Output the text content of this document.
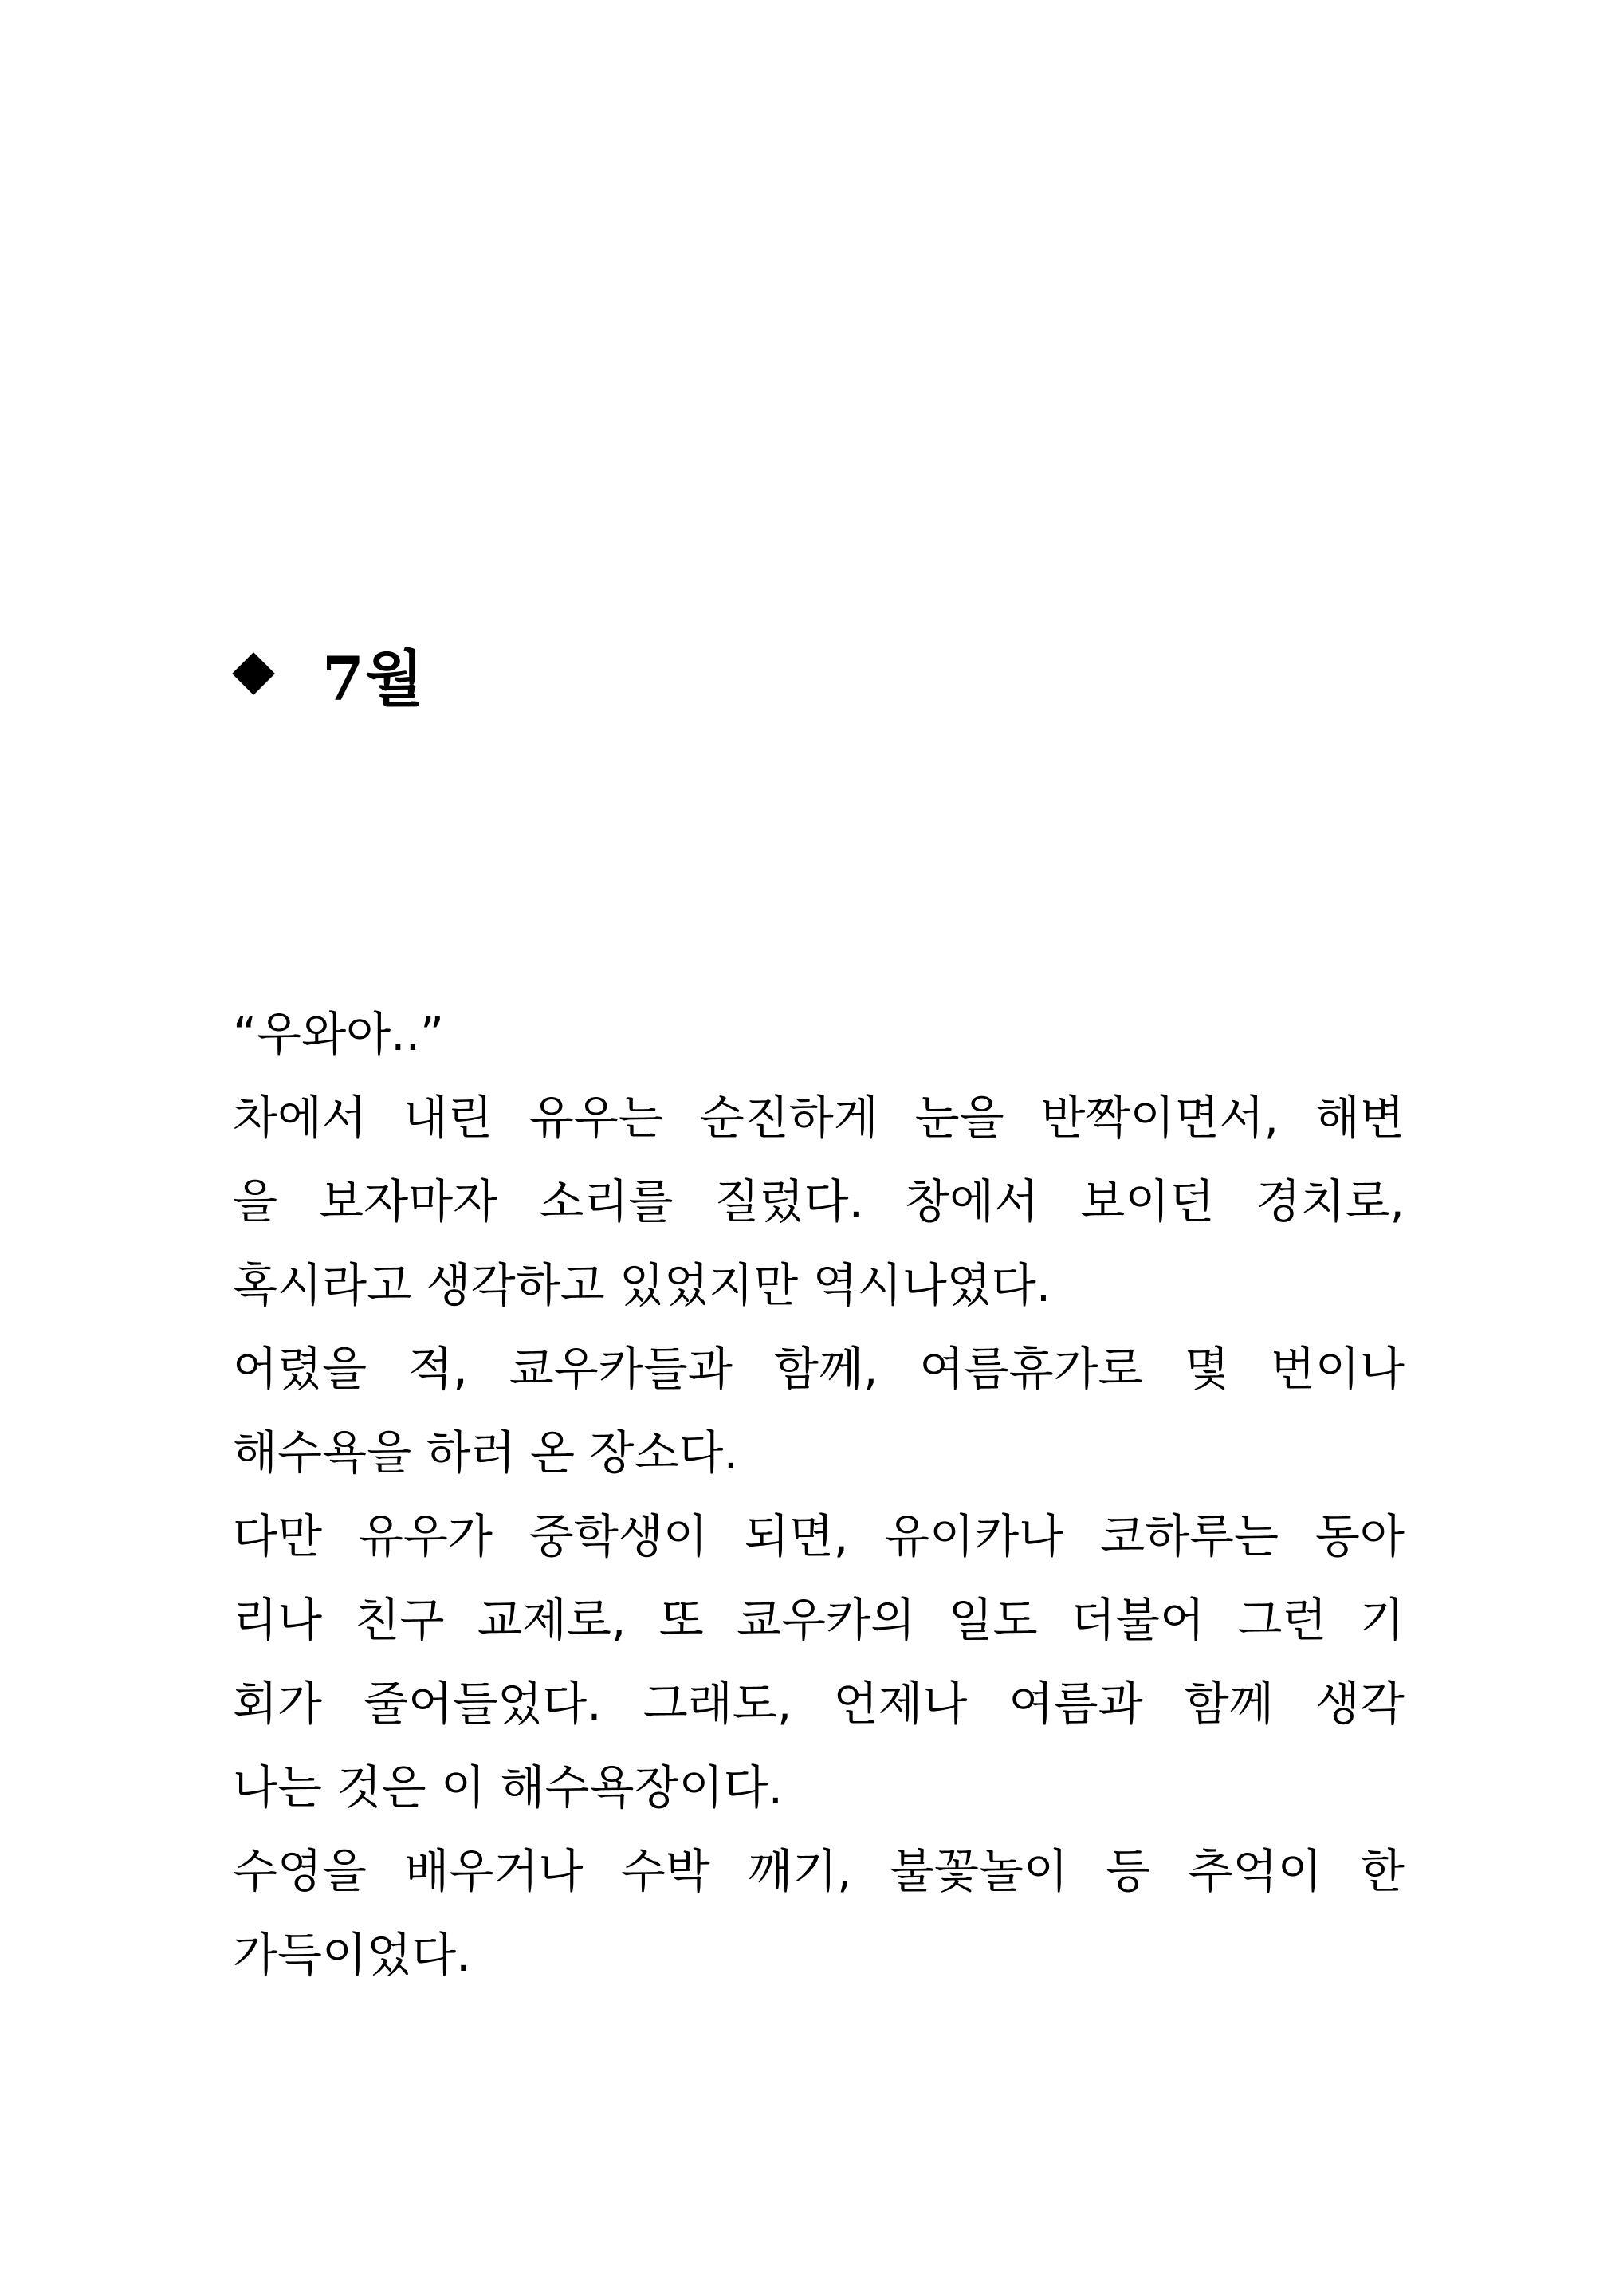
7월
“우와아..”
차에서 내린 유우는 순진하게 눈을 반짝이면서, 해변
을 보자마자 소리를 질렀다. 창에서 보이던 경치로,
혹시라고 생각하고 있었지만 역시나였다.
어렸을 적, 쿄우카들과 함께, 여름휴가로 몇 번이나
해수욕을 하러 온 장소다.
다만 유우가 중학생이 되면, 유이카나 코하루는 동아
리나 친구 교제로, 또 쿄우카의 일도 더불어 그런 기
회가 줄어들었다. 그래도, 언제나 여름과 함께 생각
나는 것은 이 해수욕장이다.
수영을 배우거나 수박 깨기, 불꽃놀이 등 추억이 한
가득이었다.
